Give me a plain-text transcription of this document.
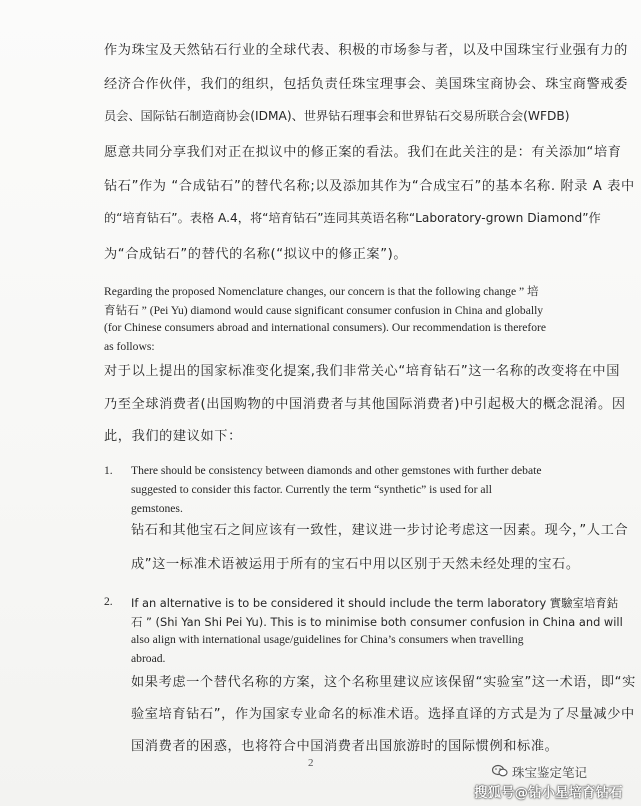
作为珠宝及天然钻石行业的全球代表、积极的市场参与者，以及中国珠宝行业强有力的
经济合作伙伴，我们的组织，包括负责任珠宝理事会、美国珠宝商协会、珠宝商警戒委
员会、国际钻石制造商协会(IDMA)、世界钻石理事会和世界钻石交易所联合会(WFDB)
愿意共同分享我们对正在拟议中的修正案的看法。我们在此关注的是：有关添加“培育
钻石”作为 “合成钻石”的替代名称;以及添加其作为“合成宝石”的基本名称. 附录 A 表中
的“培育钻石”。表格 A.4，将“培育钻石”连同其英语名称“Laboratory-grown Diamond”作
为“合成钻石”的替代的名称(“拟议中的修正案”)。
Regarding the proposed Nomenclature changes, our concern is that the following change ” 培
育钻石 ” (Pei Yu) diamond would cause significant consumer confusion in China and globally
(for Chinese consumers abroad and international consumers). Our recommendation is therefore
as follows:
对于以上提出的国家标准变化提案,我们非常关心“培育钻石”这一名称的改变将在中国
乃至全球消费者(出国购物的中国消费者与其他国际消费者)中引起极大的概念混淆。因
此，我们的建议如下：
1. There should be consistency between diamonds and other gemstones with further debate
suggested to consider this factor. Currently the term “synthetic” is used for all
gemstones.
钻石和其他宝石之间应该有一致性，建议进一步讨论考虑这一因素。现今，”人工合
成”这一标准术语被运用于所有的宝石中用以区别于天然未经处理的宝石。
2. If an alternative is to be considered it should include the term laboratory 實驗室培育鈷
石 ” (Shi Yan Shi Pei Yu). This is to minimise both consumer confusion in China and will
also align with international usage/guidelines for China’s consumers when travelling
abroad.
如果考虑一个替代名称的方案，这个名称里建议应该保留“实验室”这一术语，即“实
验室培育钻石”，作为国家专业命名的标准术语。选择直译的方式是为了尽量减少中
国消费者的困惑，也将符合中国消费者出国旅游时的国际惯例和标准。
2
珠宝鉴定笔记
搜狐号@钻小星培育钻石
